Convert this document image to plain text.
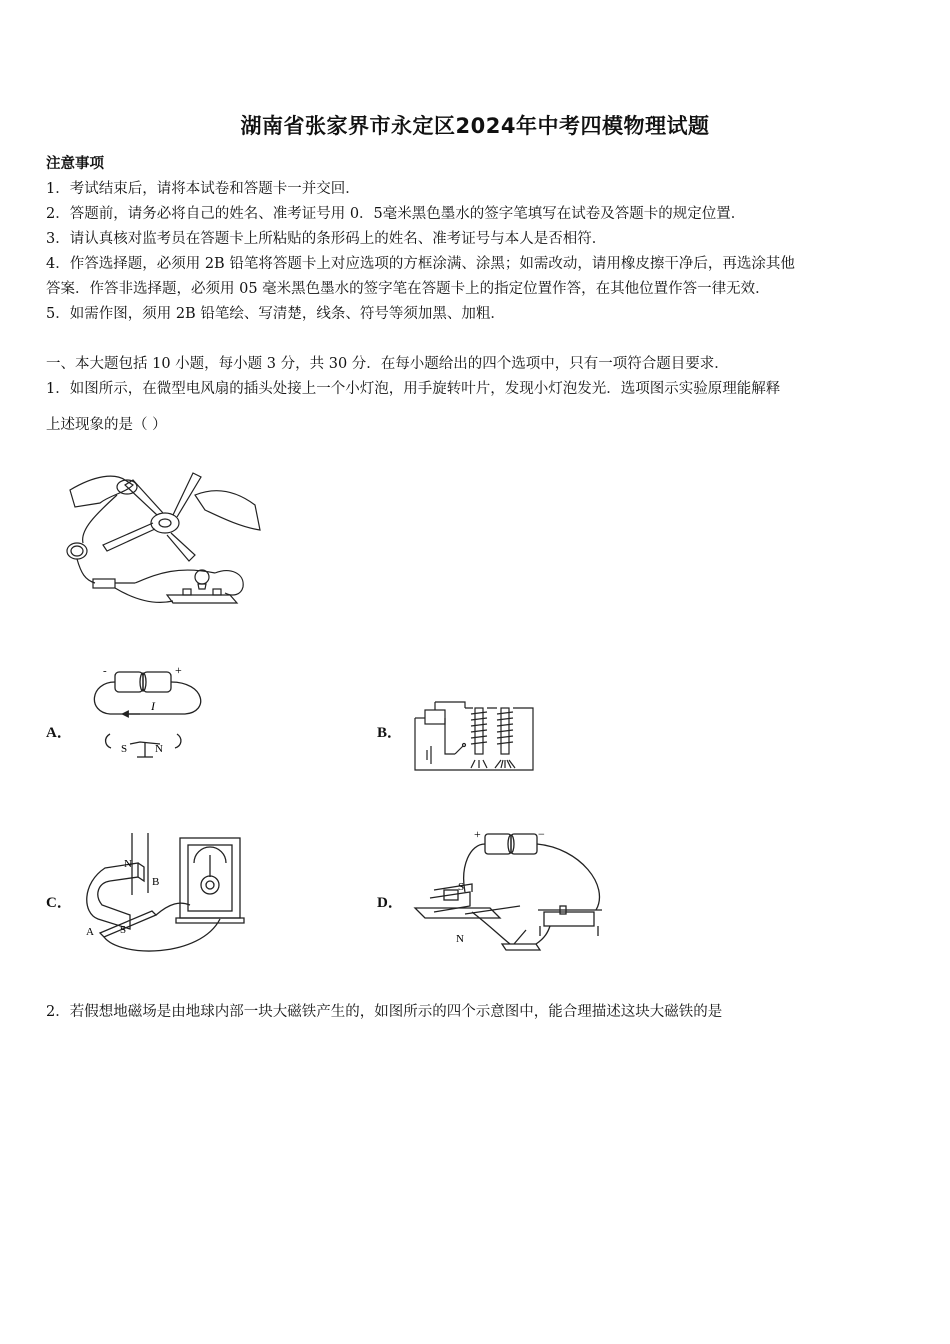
湖南省张家界市永定区2024年中考四模物理试题
注意事项
1．考试结束后，请将本试卷和答题卡一并交回．
2．答题前，请务必将自己的姓名、准考证号用 0．5毫米黑色墨水的签字笔填写在试卷及答题卡的规定位置．
3．请认真核对监考员在答题卡上所粘贴的条形码上的姓名、准考证号与本人是否相符．
4．作答选择题，必须用 2B 铅笔将答题卡上对应选项的方框涂满、涂黑；如需改动，请用橡皮擦干净后，再选涂其他
答案．作答非选择题，必须用 05 毫米黑色墨水的签字笔在答题卡上的指定位置作答，在其他位置作答一律无效．
5．如需作图，须用 2B 铅笔绘、写清楚，线条、符号等须加黑、加粗．
一、本大题包括 10 小题，每小题 3 分，共 30 分．在每小题给出的四个选项中，只有一项符合题目要求．
1．如图所示，在微型电风扇的插头处接上一个小灯泡，用手旋转叶片，发现小灯泡发光．选项图示实验原理能解释
上述现象的是（ ）
A．
-	+
I
S	N
B．
C．
N
B
A S
D．
+	−
S
N
2．若假想地磁场是由地球内部一块大磁铁产生的，如图所示的四个示意图中，能合理描述这块大磁铁的是
